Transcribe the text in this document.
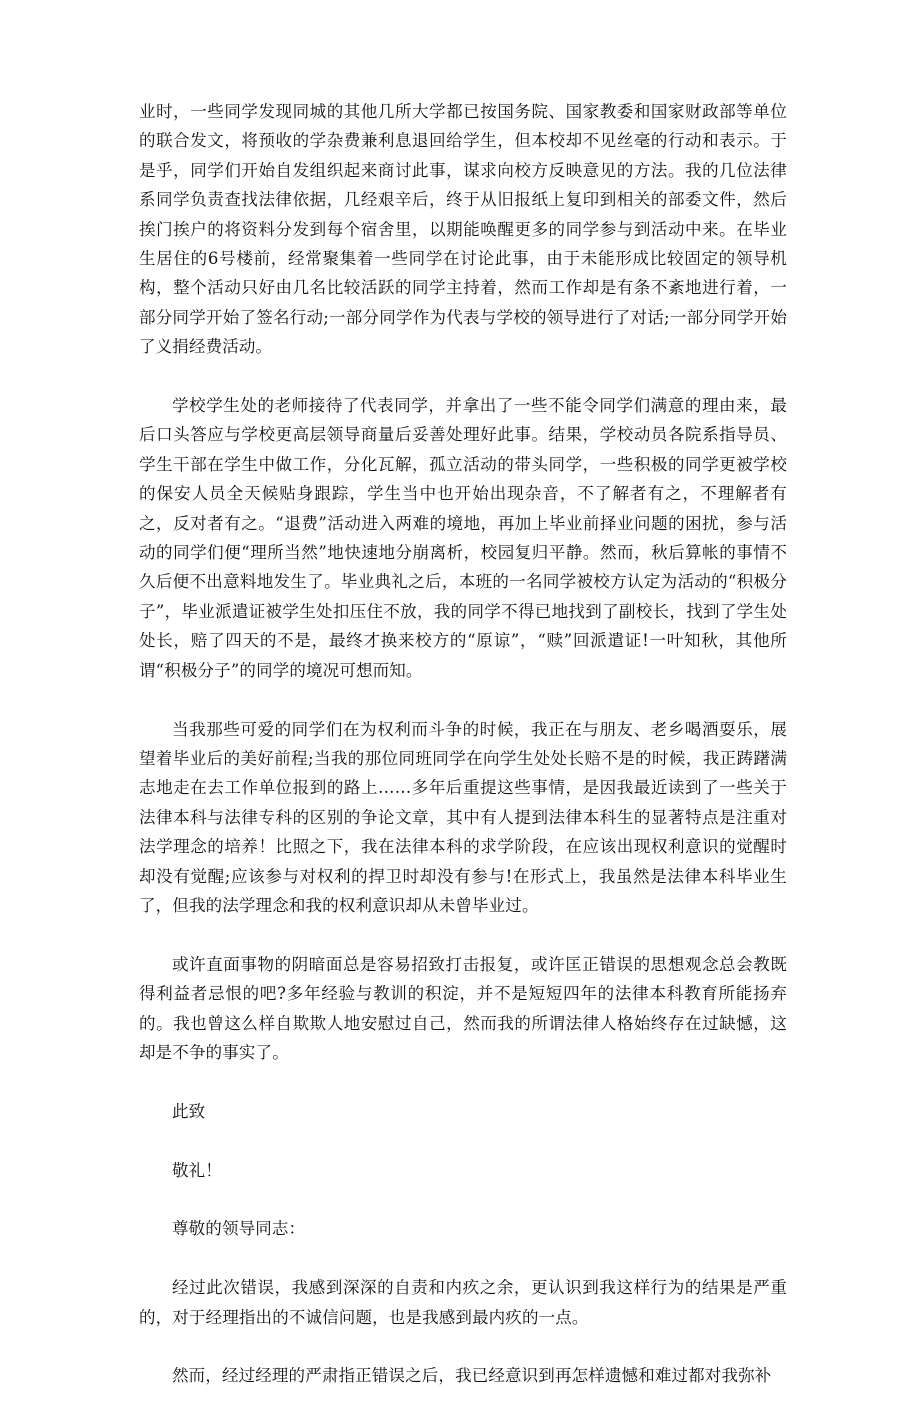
业时，一些同学发现同城的其他几所大学都已按国务院、国家教委和国家财政部等单位的联合发文，将预收的学杂费兼利息退回给学生，但本校却不见丝毫的行动和表示。于是乎，同学们开始自发组织起来商讨此事，谋求向校方反映意见的方法。我的几位法律系同学负责查找法律依据，几经艰辛后，终于从旧报纸上复印到相关的部委文件，然后挨门挨户的将资料分发到每个宿舍里，以期能唤醒更多的同学参与到活动中来。在毕业生居住的6号楼前，经常聚集着一些同学在讨论此事，由于未能形成比较固定的领导机构，整个活动只好由几名比较活跃的同学主持着，然而工作却是有条不紊地进行着，一部分同学开始了签名行动;一部分同学作为代表与学校的领导进行了对话;一部分同学开始了义捐经费活动。

学校学生处的老师接待了代表同学，并拿出了一些不能令同学们满意的理由来，最后口头答应与学校更高层领导商量后妥善处理好此事。结果，学校动员各院系指导员、学生干部在学生中做工作，分化瓦解，孤立活动的带头同学，一些积极的同学更被学校的保安人员全天候贴身跟踪，学生当中也开始出现杂音，不了解者有之，不理解者有之，反对者有之。“退费”活动进入两难的境地，再加上毕业前择业问题的困扰，参与活动的同学们便“理所当然”地快速地分崩离析，校园复归平静。然而，秋后算帐的事情不久后便不出意料地发生了。毕业典礼之后，本班的一名同学被校方认定为活动的“积极分子”，毕业派遣证被学生处扣压住不放，我的同学不得已地找到了副校长，找到了学生处处长，赔了四天的不是，最终才换来校方的“原谅”，“赎”回派遣证!一叶知秋，其他所谓“积极分子”的同学的境况可想而知。

当我那些可爱的同学们在为权利而斗争的时候，我正在与朋友、老乡喝酒耍乐，展望着毕业后的美好前程;当我的那位同班同学在向学生处处长赔不是的时候，我正踌躇满志地走在去工作单位报到的路上……多年后重提这些事情，是因我最近读到了一些关于法律本科与法律专科的区别的争论文章，其中有人提到法律本科生的显著特点是注重对法学理念的培养！比照之下，我在法律本科的求学阶段，在应该出现权利意识的觉醒时却没有觉醒;应该参与对权利的捍卫时却没有参与!在形式上，我虽然是法律本科毕业生了，但我的法学理念和我的权利意识却从未曾毕业过。

或许直面事物的阴暗面总是容易招致打击报复，或许匡正错误的思想观念总会教既得利益者忌恨的吧?多年经验与教训的积淀，并不是短短四年的法律本科教育所能扬弃的。我也曾这么样自欺欺人地安慰过自己，然而我的所谓法律人格始终存在过缺憾，这却是不争的事实了。

此致

敬礼！

尊敬的领导同志：

经过此次错误，我感到深深的自责和内疚之余，更认识到我这样行为的结果是严重的，对于经理指出的不诚信问题，也是我感到最内疚的一点。

然而，经过经理的严肃指正错误之后，我已经意识到再怎样遗憾和难过都对我弥补
